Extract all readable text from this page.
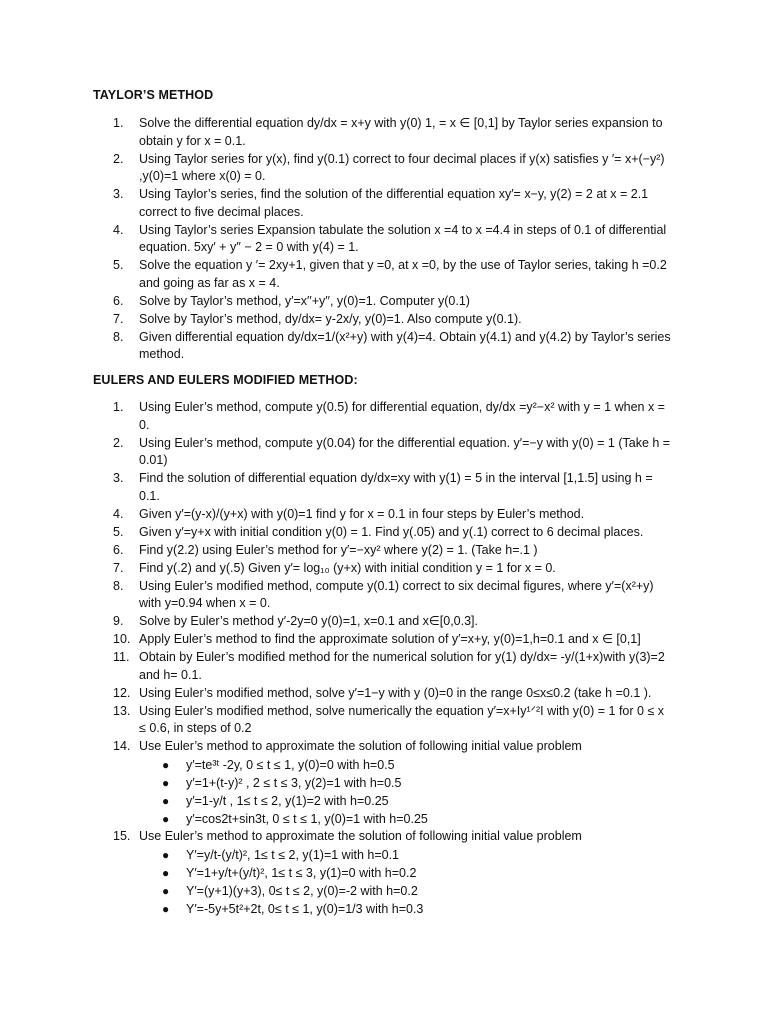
TAYLOR’S METHOD
1.	Solve the differential equation dy/dx = x+y with y(0) 1, = x ∈ [0,1] by Taylor series expansion to obtain y for x = 0.1.
2.	Using Taylor series for y(x), find y(0.1) correct to four decimal places if y(x) satisfies y ′= x+(−y²) ,y(0)=1 where x(0) = 0.
3.	Using Taylor’s series, find the solution of the differential equation xy′= x−y, y(2) = 2 at x = 2.1 correct to five decimal places.
4.	Using Taylor’s series Expansion tabulate the solution x =4 to x =4.4 in steps of 0.1 of differential equation. 5xy′ + y′′ − 2 = 0 with y(4) = 1.
5.	Solve the equation y ′= 2xy+1, given that y =0, at x =0, by the use of Taylor series, taking h =0.2 and going as far as x = 4.
6.	Solve by Taylor’s method, y′=x′′+y′′, y(0)=1. Computer y(0.1)
7.	Solve by Taylor’s method, dy/dx= y-2x/y, y(0)=1. Also compute y(0.1).
8.	Given differential equation dy/dx=1/(x²+y) with y(4)=4. Obtain y(4.1) and y(4.2) by Taylor’s series method.
EULERS AND EULERS MODIFIED METHOD:
1.	Using Euler’s method, compute y(0.5) for differential equation, dy/dx =y²−x² with y = 1 when x = 0.
2.	Using Euler’s method, compute y(0.04) for the differential equation. y′=−y with y(0) = 1 (Take h = 0.01)
3.	Find the solution of differential equation dy/dx=xy with y(1) = 5 in the interval [1,1.5] using h = 0.1.
4.	Given y′=(y-x)/(y+x) with y(0)=1 find y for x = 0.1 in four steps by Euler’s method.
5.	Given y′=y+x with initial condition y(0) = 1. Find y(.05) and y(.1) correct to 6 decimal places.
6.	Find y(2.2) using Euler’s method for y′=−xy² where y(2) = 1. (Take h=.1 )
7.	Find y(.2) and y(.5) Given y′= log₁₀ (y+x) with initial condition y = 1 for x = 0.
8.	Using Euler’s modified method, compute y(0.1) correct to six decimal figures, where y′=(x²+y) with y=0.94 when x = 0.
9.	Solve by Euler’s method y′-2y=0 y(0)=1, x=0.1 and x∈[0,0.3].
10. Apply Euler’s method to find the approximate solution of y′=x+y, y(0)=1,h=0.1 and x ∈ [0,1]
11. Obtain by Euler’s modified method for the numerical solution for y(1) dy/dx= -y/(1+x)with y(3)=2 and h= 0.1.
12. Using Euler’s modified method, solve y′=1−y with y (0)=0 in the range 0≤x≤0.2 (take h =0.1 ).
13. Using Euler’s modified method, solve numerically the equation y′=x+Iy¹ᐟ²I with y(0) = 1 for 0 ≤ x ≤ 0.6, in steps of 0.2
14. Use Euler’s method to approximate the solution of following initial value problem
● y′=te³ᵗ -2y, 0 ≤ t ≤ 1, y(0)=0 with h=0.5
● y′=1+(t-y)² , 2 ≤ t ≤ 3, y(2)=1 with h=0.5
● y′=1-y/t , 1≤ t ≤ 2, y(1)=2 with h=0.25
● y′=cos2t+sin3t, 0 ≤ t ≤ 1, y(0)=1 with h=0.25
15. Use Euler’s method to approximate the solution of following initial value problem
● Y′=y/t-(y/t)², 1≤ t ≤ 2, y(1)=1 with h=0.1
● Y′=1+y/t+(y/t)², 1≤ t ≤ 3, y(1)=0 with h=0.2
● Y′=(y+1)(y+3), 0≤ t ≤ 2, y(0)=-2 with h=0.2
● Y′=-5y+5t²+2t, 0≤ t ≤ 1, y(0)=1/3 with h=0.3
